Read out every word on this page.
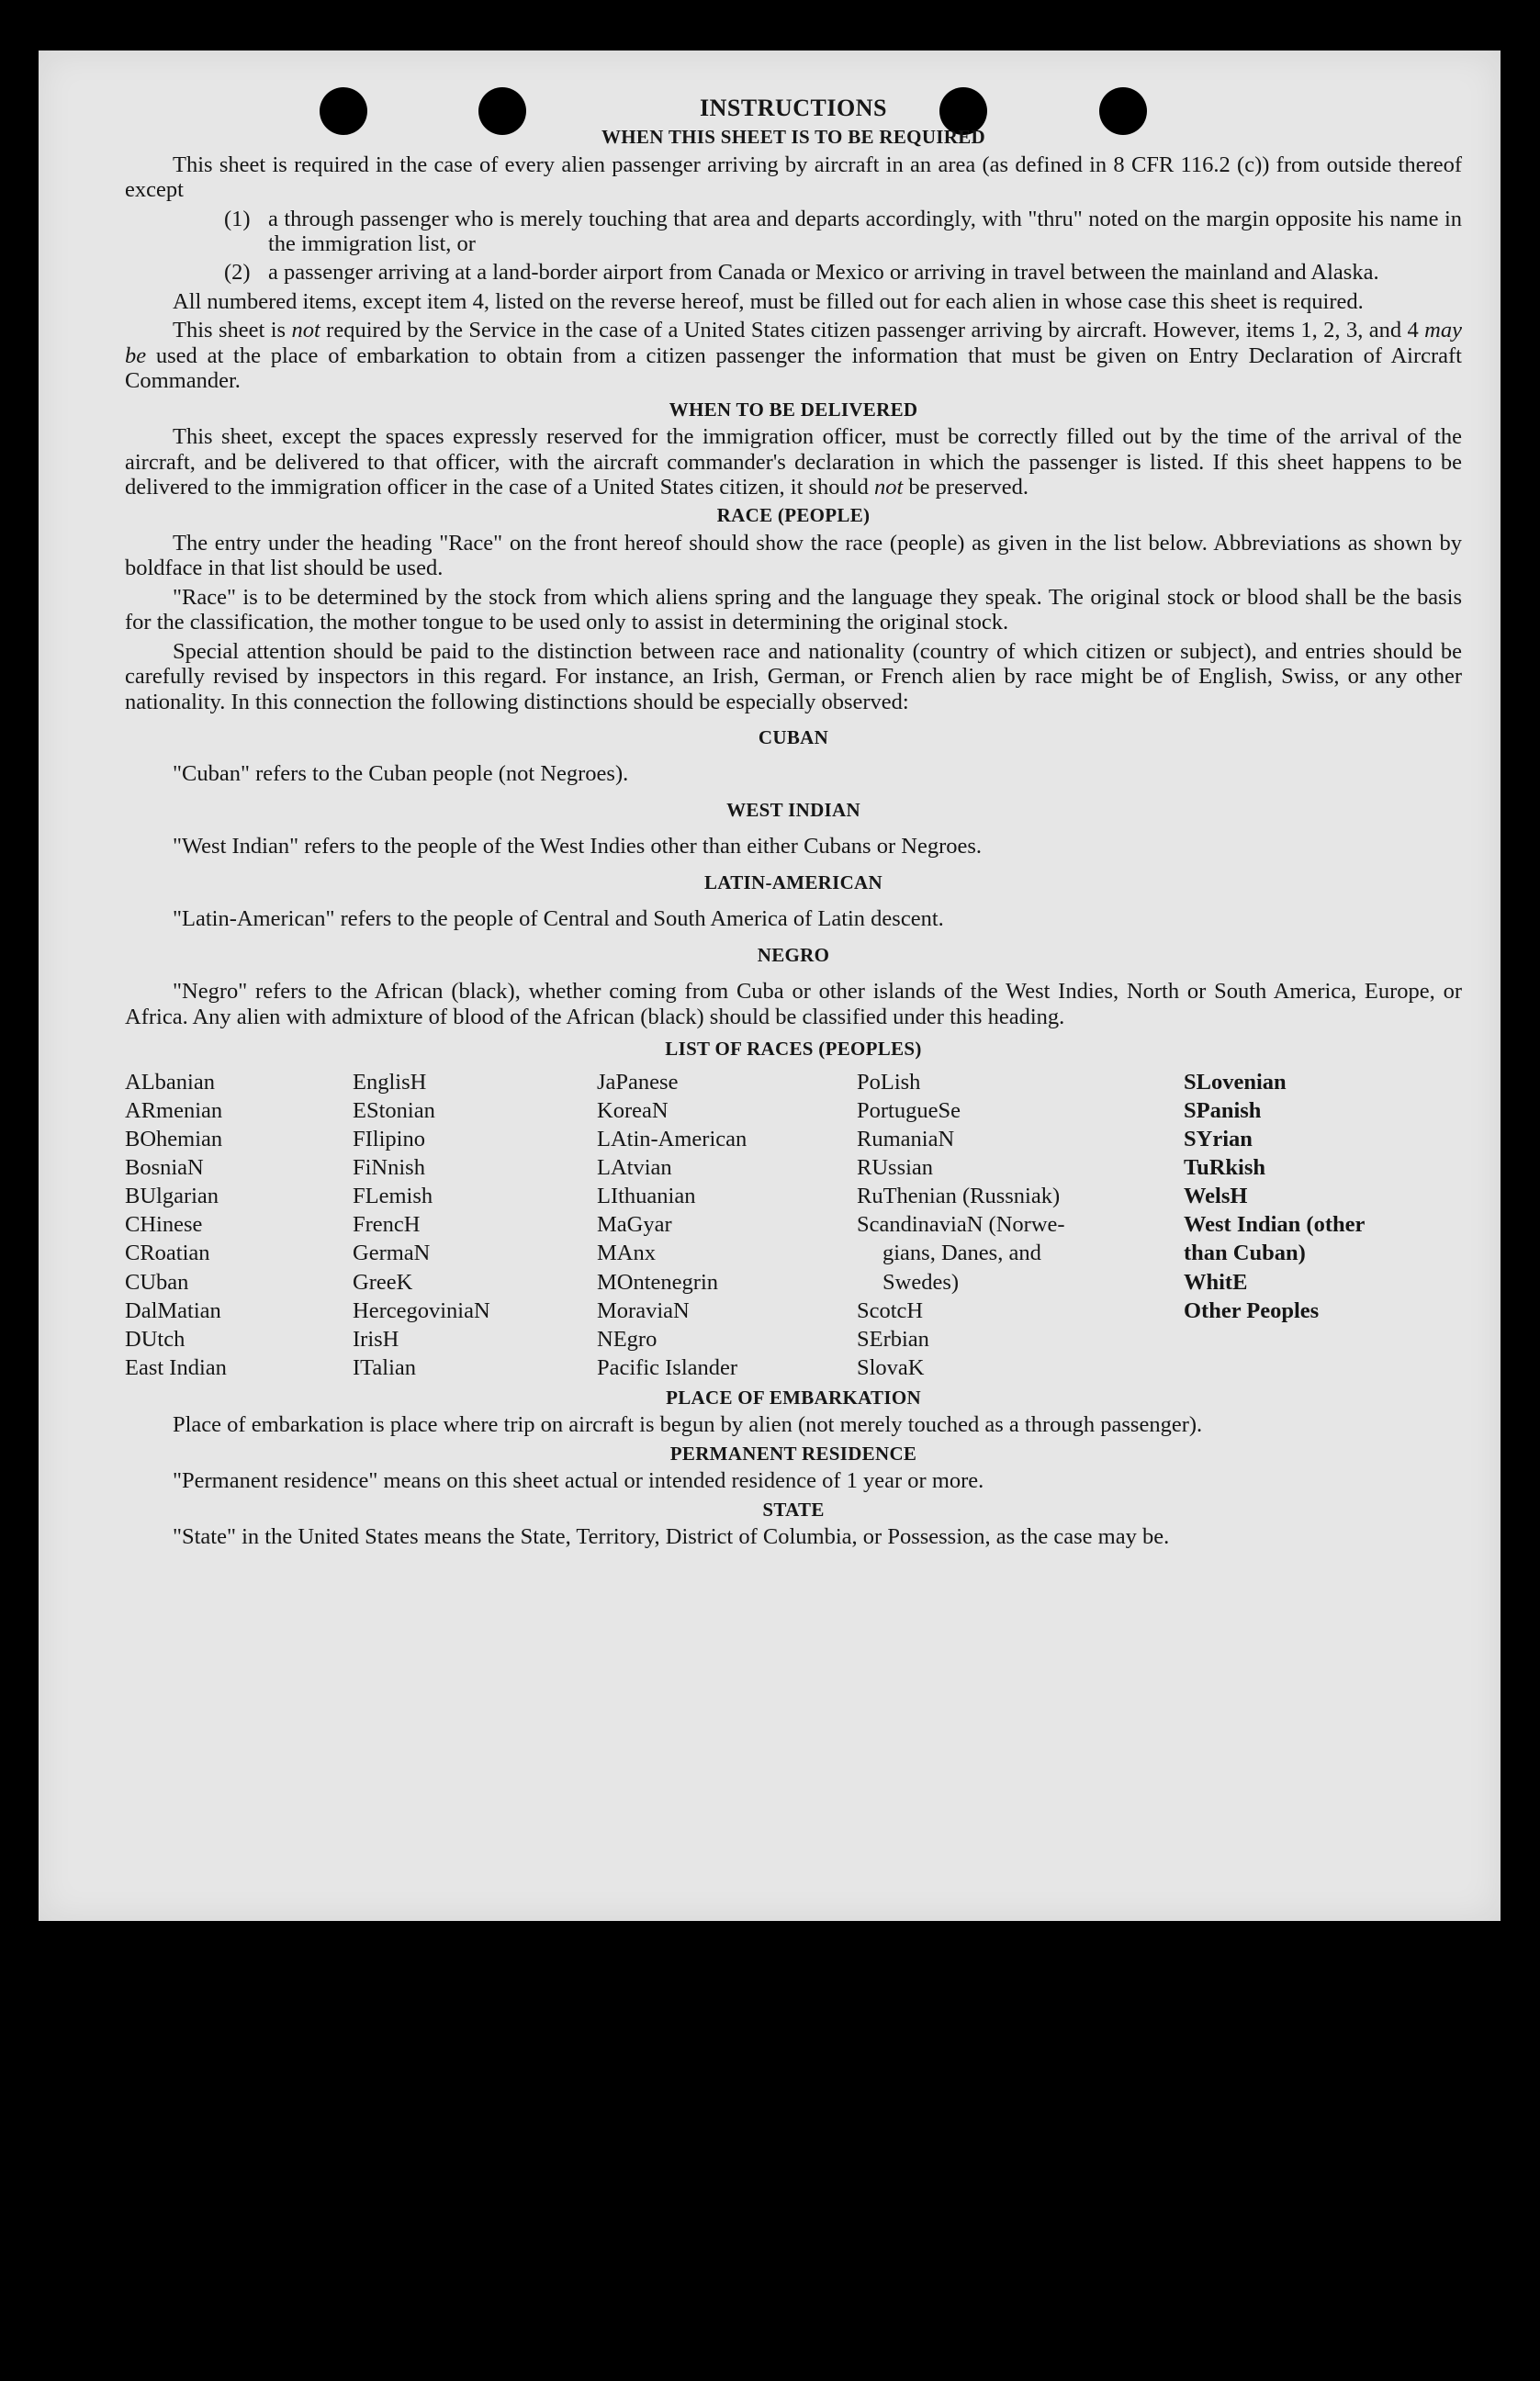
INSTRUCTIONS
WHEN THIS SHEET IS TO BE REQUIRED

This sheet is required in the case of every alien passenger arriving by aircraft in an area (as defined in 8 CFR 116.2 (c)) from outside thereof except

(1) a through passenger who is merely touching that area and departs accordingly, with "thru" noted on the margin opposite his name in the immigration list, or
(2) a passenger arriving at a land-border airport from Canada or Mexico or arriving in travel between the mainland and Alaska.

All numbered items, except item 4, listed on the reverse hereof, must be filled out for each alien in whose case this sheet is required.

This sheet is not required by the Service in the case of a United States citizen passenger arriving by aircraft. However, items 1, 2, 3, and 4 may be used at the place of embarkation to obtain from a citizen passenger the information that must be given on Entry Declaration of Aircraft Commander.

WHEN TO BE DELIVERED

This sheet, except the spaces expressly reserved for the immigration officer, must be correctly filled out by the time of the arrival of the aircraft, and be delivered to that officer, with the aircraft commander's declaration in which the passenger is listed. If this sheet happens to be delivered to the immigration officer in the case of a United States citizen, it should not be preserved.

RACE (PEOPLE)

The entry under the heading "Race" on the front hereof should show the race (people) as given in the list below. Abbreviations as shown by boldface in that list should be used.

"Race" is to be determined by the stock from which aliens spring and the language they speak. The original stock or blood shall be the basis for the classification, the mother tongue to be used only to assist in determining the original stock.

Special attention should be paid to the distinction between race and nationality (country of which citizen or subject), and entries should be carefully revised by inspectors in this regard. For instance, an Irish, German, or French alien by race might be of English, Swiss, or any other nationality. In this connection the following distinctions should be especially observed:

CUBAN

"Cuban" refers to the Cuban people (not Negroes).

WEST INDIAN

"West Indian" refers to the people of the West Indies other than either Cubans or Negroes.

LATIN-AMERICAN

"Latin-American" refers to the people of Central and South America of Latin descent.

NEGRO

"Negro" refers to the African (black), whether coming from Cuba or other islands of the West Indies, North or South America, Europe, or Africa. Any alien with admixture of blood of the African (black) should be classified under this heading.

LIST OF RACES (PEOPLES)
ALbanian
ARmenian
BOhemian
BosniaN
BUlgarian
CHinese
CRoatian
CUban
DalMatian
DUtch
East Indian
EnglisH
EStonian
FIlipino
FiNnish
FLemish
FrencH
GermaN
GreeK
HercegoviniaN
IrisH
ITalian
JaPanese
KoreaN
LAtin-American
LAtvian
LIthuanian
MaGyar
MAnx
MOntenegrin
MoraviaN
NEgro
Pacific Islander
PoLish
PortugueSe
RumaniaN
RUssian
RuThenian (Russniak)
ScandinaviaN (Norwe-
gians, Danes, and
Swedes)
ScotcH
SErbian
SlovaK
SLovenian
SPanish
SYrian
TuRkish
WelsH
West Indian (other
than Cuban)
WhitE
Other Peoples
PLACE OF EMBARKATION

Place of embarkation is place where trip on aircraft is begun by alien (not merely touched as a through passenger).

PERMANENT RESIDENCE

"Permanent residence" means on this sheet actual or intended residence of 1 year or more.

STATE

"State" in the United States means the State, Territory, District of Columbia, or Possession, as the case may be.
